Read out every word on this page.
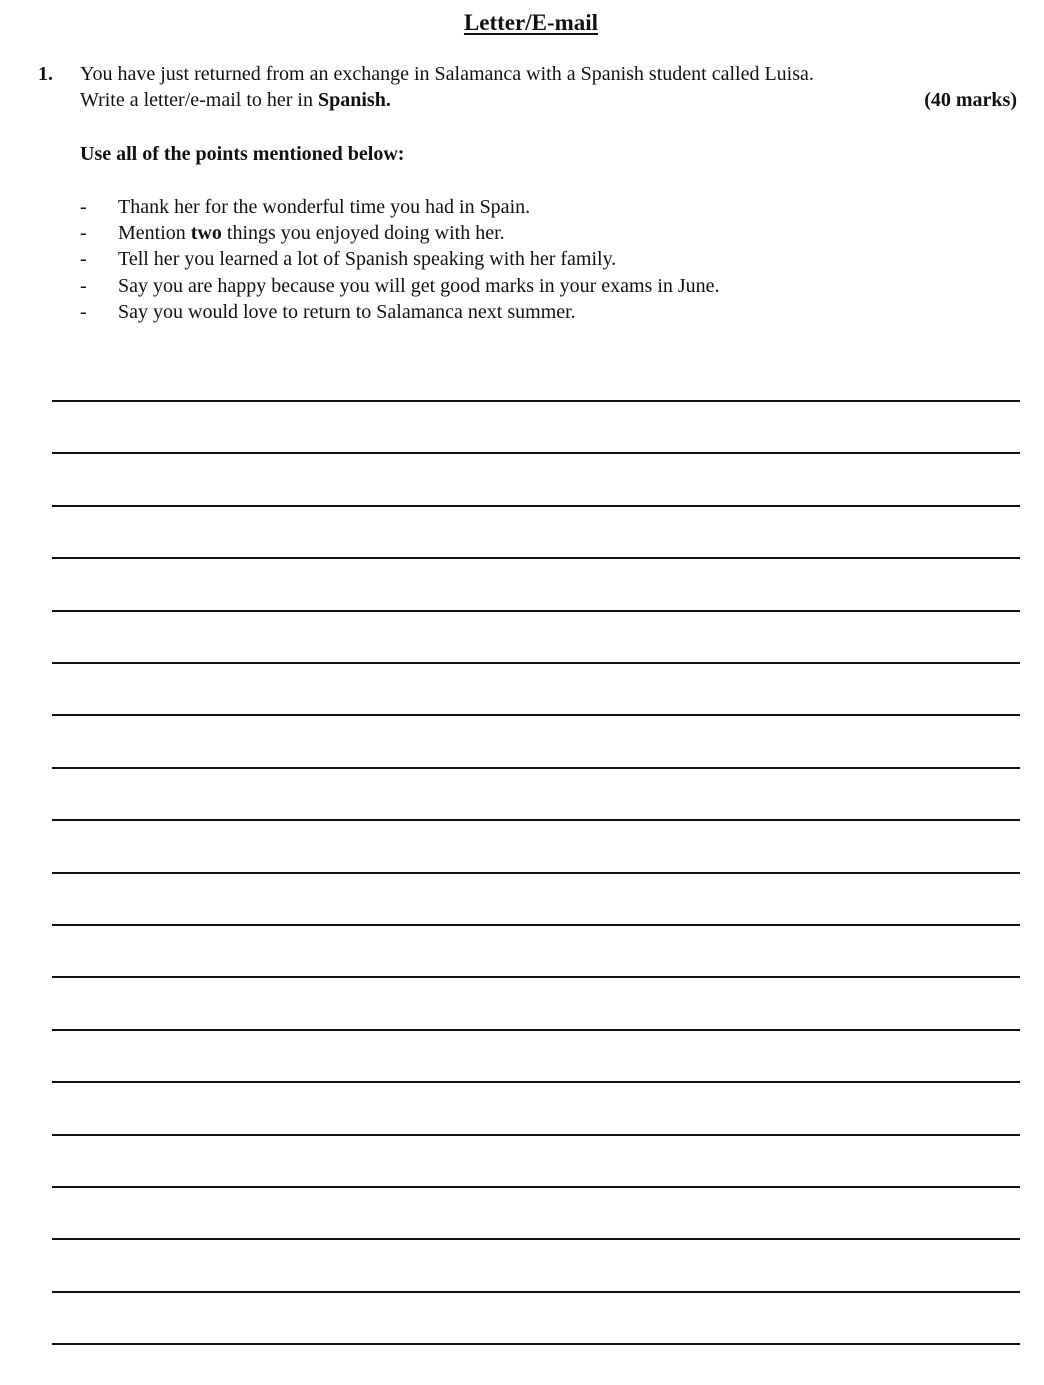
Letter/E-mail
1. You have just returned from an exchange in Salamanca with a Spanish student called Luisa.
Write a letter/e-mail to her in Spanish.	(40 marks)
Use all of the points mentioned below:
- Thank her for the wonderful time you had in Spain.
- Mention two things you enjoyed doing with her.
- Tell her you learned a lot of Spanish speaking with her family.
- Say you are happy because you will get good marks in your exams in June.
- Say you would love to return to Salamanca next summer.
